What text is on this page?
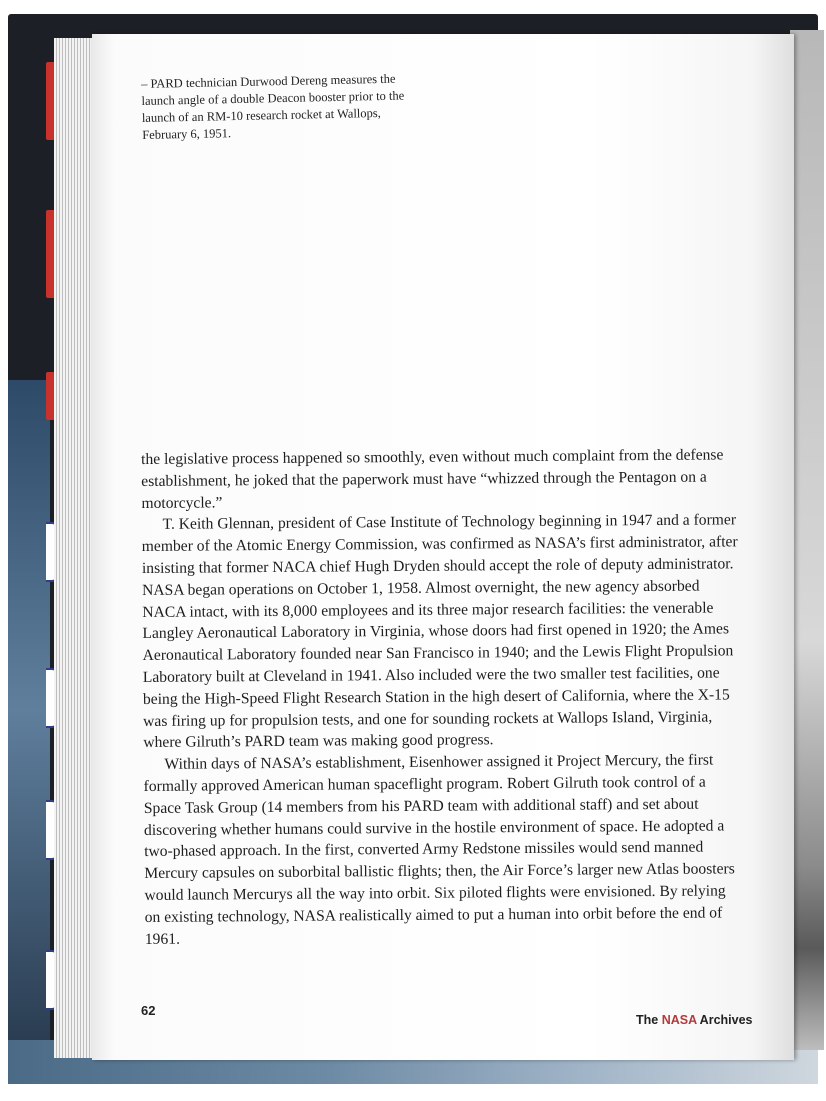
– PARD technician Durwood Dereng measures the launch angle of a double Deacon booster prior to the launch of an RM-10 research rocket at Wallops, February 6, 1951.

the legislative process happened so smoothly, even without much complaint from the defense establishment, he joked that the paperwork must have “whizzed through the Pentagon on a motorcycle.”

T. Keith Glennan, president of Case Institute of Technology beginning in 1947 and a former member of the Atomic Energy Commission, was confirmed as NASA’s first administrator, after insisting that former NACA chief Hugh Dryden should accept the role of deputy administrator. NASA began operations on October 1, 1958. Almost overnight, the new agency absorbed NACA intact, with its 8,000 employees and its three major research facilities: the venerable Langley Aeronautical Laboratory in Virginia, whose doors had first opened in 1920; the Ames Aeronautical Laboratory founded near San Francisco in 1940; and the Lewis Flight Propulsion Laboratory built at Cleveland in 1941. Also included were the two smaller test facilities, one being the High-Speed Flight Research Station in the high desert of California, where the X-15 was firing up for propulsion tests, and one for sounding rockets at Wallops Island, Virginia, where Gilruth’s PARD team was making good progress.

Within days of NASA’s establishment, Eisenhower assigned it Project Mercury, the first formally approved American human spaceflight program. Robert Gilruth took control of a Space Task Group (14 members from his PARD team with additional staff) and set about discovering whether humans could survive in the hostile environment of space. He adopted a two-phased approach. In the first, converted Army Redstone missiles would send manned Mercury capsules on suborbital ballistic flights; then, the Air Force’s larger new Atlas boosters would launch Mercurys all the way into orbit. Six piloted flights were envisioned. By relying on existing technology, NASA realistically aimed to put a human into orbit before the end of 1961.

62
The NASA Archives
